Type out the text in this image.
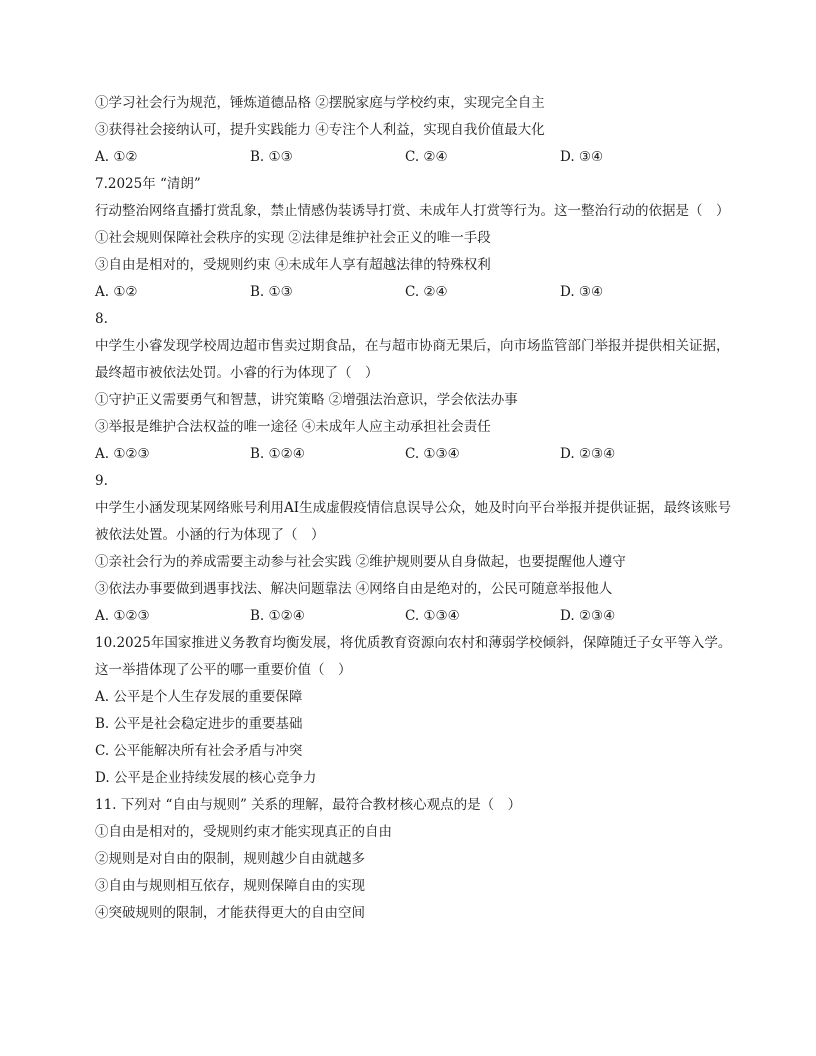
①学习社会行为规范，锤炼道德品格 ②摆脱家庭与学校约束，实现完全自主
③获得社会接纳认可，提升实践能力 ④专注个人利益，实现自我价值最大化
A. ①②	B. ①③	C. ②④	D. ③④
7.2025年 “清朗”
行动整治网络直播打赏乱象，禁止情感伪装诱导打赏、未成年人打赏等行为。这一整治行动的依据是（　）
①社会规则保障社会秩序的实现 ②法律是维护社会正义的唯一手段
③自由是相对的，受规则约束 ④未成年人享有超越法律的特殊权利
A. ①②	B. ①③	C. ②④	D. ③④
8.
中学生小睿发现学校周边超市售卖过期食品，在与超市协商无果后，向市场监管部门举报并提供相关证据，最终超市被依法处罚。小睿的行为体现了（　）
①守护正义需要勇气和智慧，讲究策略 ②增强法治意识，学会依法办事
③举报是维护合法权益的唯一途径 ④未成年人应主动承担社会责任
A. ①②③	B. ①②④	C. ①③④	D. ②③④
9.
中学生小涵发现某网络账号利用AI生成虚假疫情信息误导公众，她及时向平台举报并提供证据，最终该账号被依法处置。小涵的行为体现了（　）
①亲社会行为的养成需要主动参与社会实践 ②维护规则要从自身做起，也要提醒他人遵守
③依法办事要做到遇事找法、解决问题靠法 ④网络自由是绝对的，公民可随意举报他人
A. ①②③	B. ①②④	C. ①③④	D. ②③④
10.2025年国家推进义务教育均衡发展，将优质教育资源向农村和薄弱学校倾斜，保障随迁子女平等入学。这一举措体现了公平的哪一重要价值（　）
A. 公平是个人生存发展的重要保障
B. 公平是社会稳定进步的重要基础
C. 公平能解决所有社会矛盾与冲突
D. 公平是企业持续发展的核心竞争力
11. 下列对 “自由与规则” 关系的理解，最符合教材核心观点的是（　）
①自由是相对的，受规则约束才能实现真正的自由
②规则是对自由的限制，规则越少自由就越多
③自由与规则相互依存，规则保障自由的实现
④突破规则的限制，才能获得更大的自由空间
